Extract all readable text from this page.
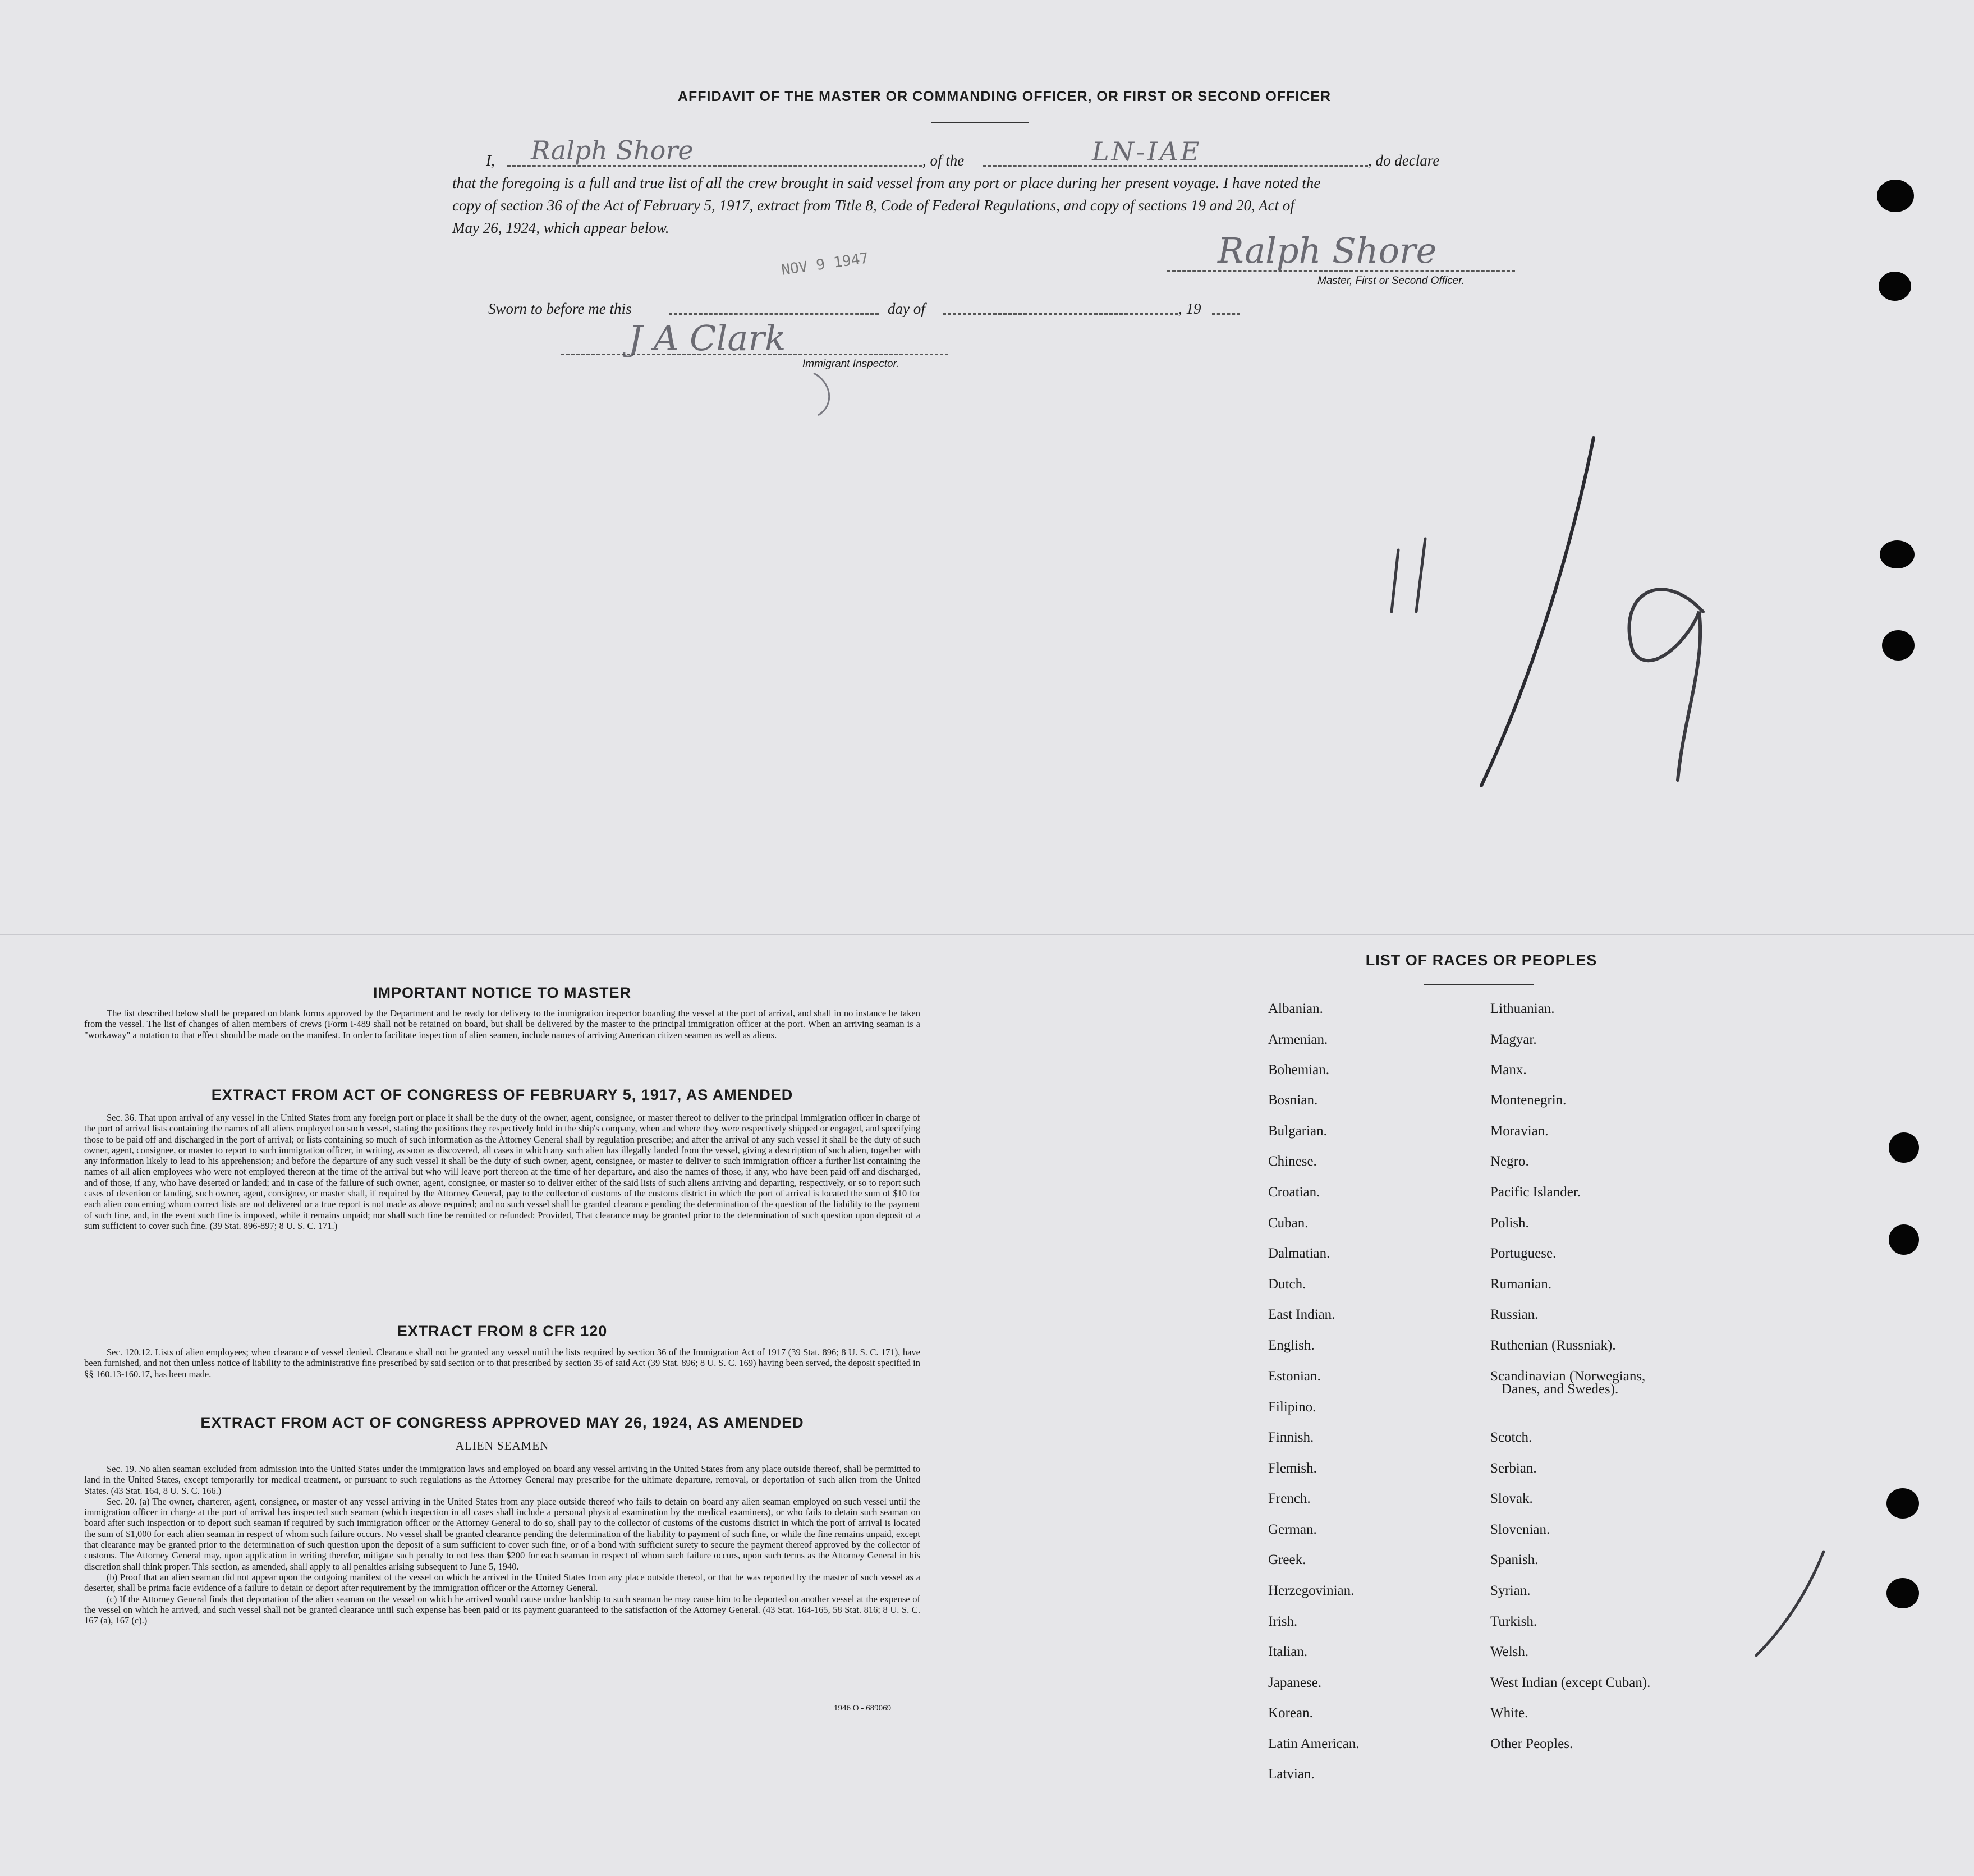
AFFIDAVIT OF THE MASTER OR COMMANDING OFFICER, OR FIRST OR SECOND OFFICER
I, Ralph Shore	, of the	LN-IAE	, do declare
that the foregoing is a full and true list of all the crew brought in said vessel from any port or place during her present voyage. I have noted the
copy of section 36 of the Act of February 5, 1917, extract from Title 8, Code of Federal Regulations, and copy of sections 19 and 20, Act of
May 26, 1924, which appear below.
NOV 9 1947	Ralph Shore
Master, First or Second Officer.
Sworn to before me this	day of	, 19
J A Clark
Immigrant Inspector.
IMPORTANT NOTICE TO MASTER

The list described below shall be prepared on blank forms approved by the Department and be ready for delivery to the immigration inspector boarding the vessel at the port of arrival, and shall in no instance be taken from the vessel. The list of changes of alien members of crews (Form I-489 shall not be retained on board, but shall be delivered by the master to the principal immigration officer at the port. When an arriving seaman is a "workaway" a notation to that effect should be made on the manifest. In order to facilitate inspection of alien seamen, include names of arriving American citizen seamen as well as aliens.

EXTRACT FROM ACT OF CONGRESS OF FEBRUARY 5, 1917, AS AMENDED

Sec. 36. That upon arrival of any vessel in the United States from any foreign port or place it shall be the duty of the owner, agent, consignee, or master thereof to deliver to the principal immigration officer in charge of the port of arrival lists containing the names of all aliens employed on such vessel, stating the positions they respectively hold in the ship's company, when and where they were respectively shipped or engaged, and specifying those to be paid off and discharged in the port of arrival; or lists containing so much of such information as the Attorney General shall by regulation prescribe; and after the arrival of any such vessel it shall be the duty of such owner, agent, consignee, or master to report to such immigration officer, in writing, as soon as discovered, all cases in which any such alien has illegally landed from the vessel, giving a description of such alien, together with any information likely to lead to his apprehension; and before the departure of any such vessel it shall be the duty of such owner, agent, consignee, or master to deliver to such immigration officer a further list containing the names of all alien employees who were not employed thereon at the time of the arrival but who will leave port thereon at the time of her departure, and also the names of those, if any, who have been paid off and discharged, and of those, if any, who have deserted or landed; and in case of the failure of such owner, agent, consignee, or master so to deliver either of the said lists of such aliens arriving and departing, respectively, or so to report such cases of desertion or landing, such owner, agent, consignee, or master shall, if required by the Attorney General, pay to the collector of customs of the customs district in which the port of arrival is located the sum of $10 for each alien concerning whom correct lists are not delivered or a true report is not made as above required; and no such vessel shall be granted clearance pending the determination of the question of the liability to the payment of such fine, and, in the event such fine is imposed, while it remains unpaid; nor shall such fine be remitted or refunded: Provided, That clearance may be granted prior to the determination of such question upon deposit of a sum sufficient to cover such fine. (39 Stat. 896-897; 8 U. S. C. 171.)

EXTRACT FROM 8 CFR 120

Sec. 120.12. Lists of alien employees; when clearance of vessel denied. Clearance shall not be granted any vessel until the lists required by section 36 of the Immigration Act of 1917 (39 Stat. 896; 8 U. S. C. 171), have been furnished, and not then unless notice of liability to the administrative fine prescribed by said section or to that prescribed by section 35 of said Act (39 Stat. 896; 8 U. S. C. 169) having been served, the deposit specified in §§ 160.13-160.17, has been made.

EXTRACT FROM ACT OF CONGRESS APPROVED MAY 26, 1924, AS AMENDED
ALIEN SEAMEN

Sec. 19. No alien seaman excluded from admission into the United States under the immigration laws and employed on board any vessel arriving in the United States from any place outside thereof, shall be permitted to land in the United States, except temporarily for medical treatment, or pursuant to such regulations as the Attorney General may prescribe for the ultimate departure, removal, or deportation of such alien from the United States. (43 Stat. 164, 8 U. S. C. 166.)

Sec. 20. (a) The owner, charterer, agent, consignee, or master of any vessel arriving in the United States from any place outside thereof who fails to detain on board any alien seaman employed on such vessel until the immigration officer in charge at the port of arrival has inspected such seaman (which inspection in all cases shall include a personal physical examination by the medical examiners), or who fails to detain such seaman on board after such inspection or to deport such seaman if required by such immigration officer or the Attorney General to do so, shall pay to the collector of customs of the customs district in which the port of arrival is located the sum of $1,000 for each alien seaman in respect of whom such failure occurs. No vessel shall be granted clearance pending the determination of the liability to payment of such fine, or while the fine remains unpaid, except that clearance may be granted prior to the determination of such question upon the deposit of a sum sufficient to cover such fine, or of a bond with sufficient surety to secure the payment thereof approved by the collector of customs. The Attorney General may, upon application in writing therefor, mitigate such penalty to not less than $200 for each seaman in respect of whom such failure occurs, upon such terms as the Attorney General in his discretion shall think proper. This section, as amended, shall apply to all penalties arising subsequent to June 5, 1940.

(b) Proof that an alien seaman did not appear upon the outgoing manifest of the vessel on which he arrived in the United States from any place outside thereof, or that he was reported by the master of such vessel as a deserter, shall be prima facie evidence of a failure to detain or deport after requirement by the immigration officer or the Attorney General.

(c) If the Attorney General finds that deportation of the alien seaman on the vessel on which he arrived would cause undue hardship to such seaman he may cause him to be deported on another vessel at the expense of the vessel on which he arrived, and such vessel shall not be granted clearance until such expense has been paid or its payment guaranteed to the satisfaction of the Attorney General. (43 Stat. 164-165, 58 Stat. 816; 8 U. S. C. 167 (a), 167 (c).)

1946 O - 689069
LIST OF RACES OR PEOPLES
Albanian.
Armenian.
Bohemian.
Bosnian.
Bulgarian.
Chinese.
Croatian.
Cuban.
Dalmatian.
Dutch.
East Indian.
English.
Estonian.
Filipino.
Finnish.
Flemish.
French.
German.
Greek.
Herzegovinian.
Irish.
Italian.
Japanese.
Korean.
Latin American.
Latvian.
Lithuanian.
Magyar.
Manx.
Montenegrin.
Moravian.
Negro.
Pacific Islander.
Polish.
Portuguese.
Rumanian.
Russian.
Ruthenian (Russniak).
Scandinavian (Norwegians,
Danes, and Swedes).
Scotch.
Serbian.
Slovak.
Slovenian.
Spanish.
Syrian.
Turkish.
Welsh.
West Indian (except Cuban).
White.
Other Peoples.
